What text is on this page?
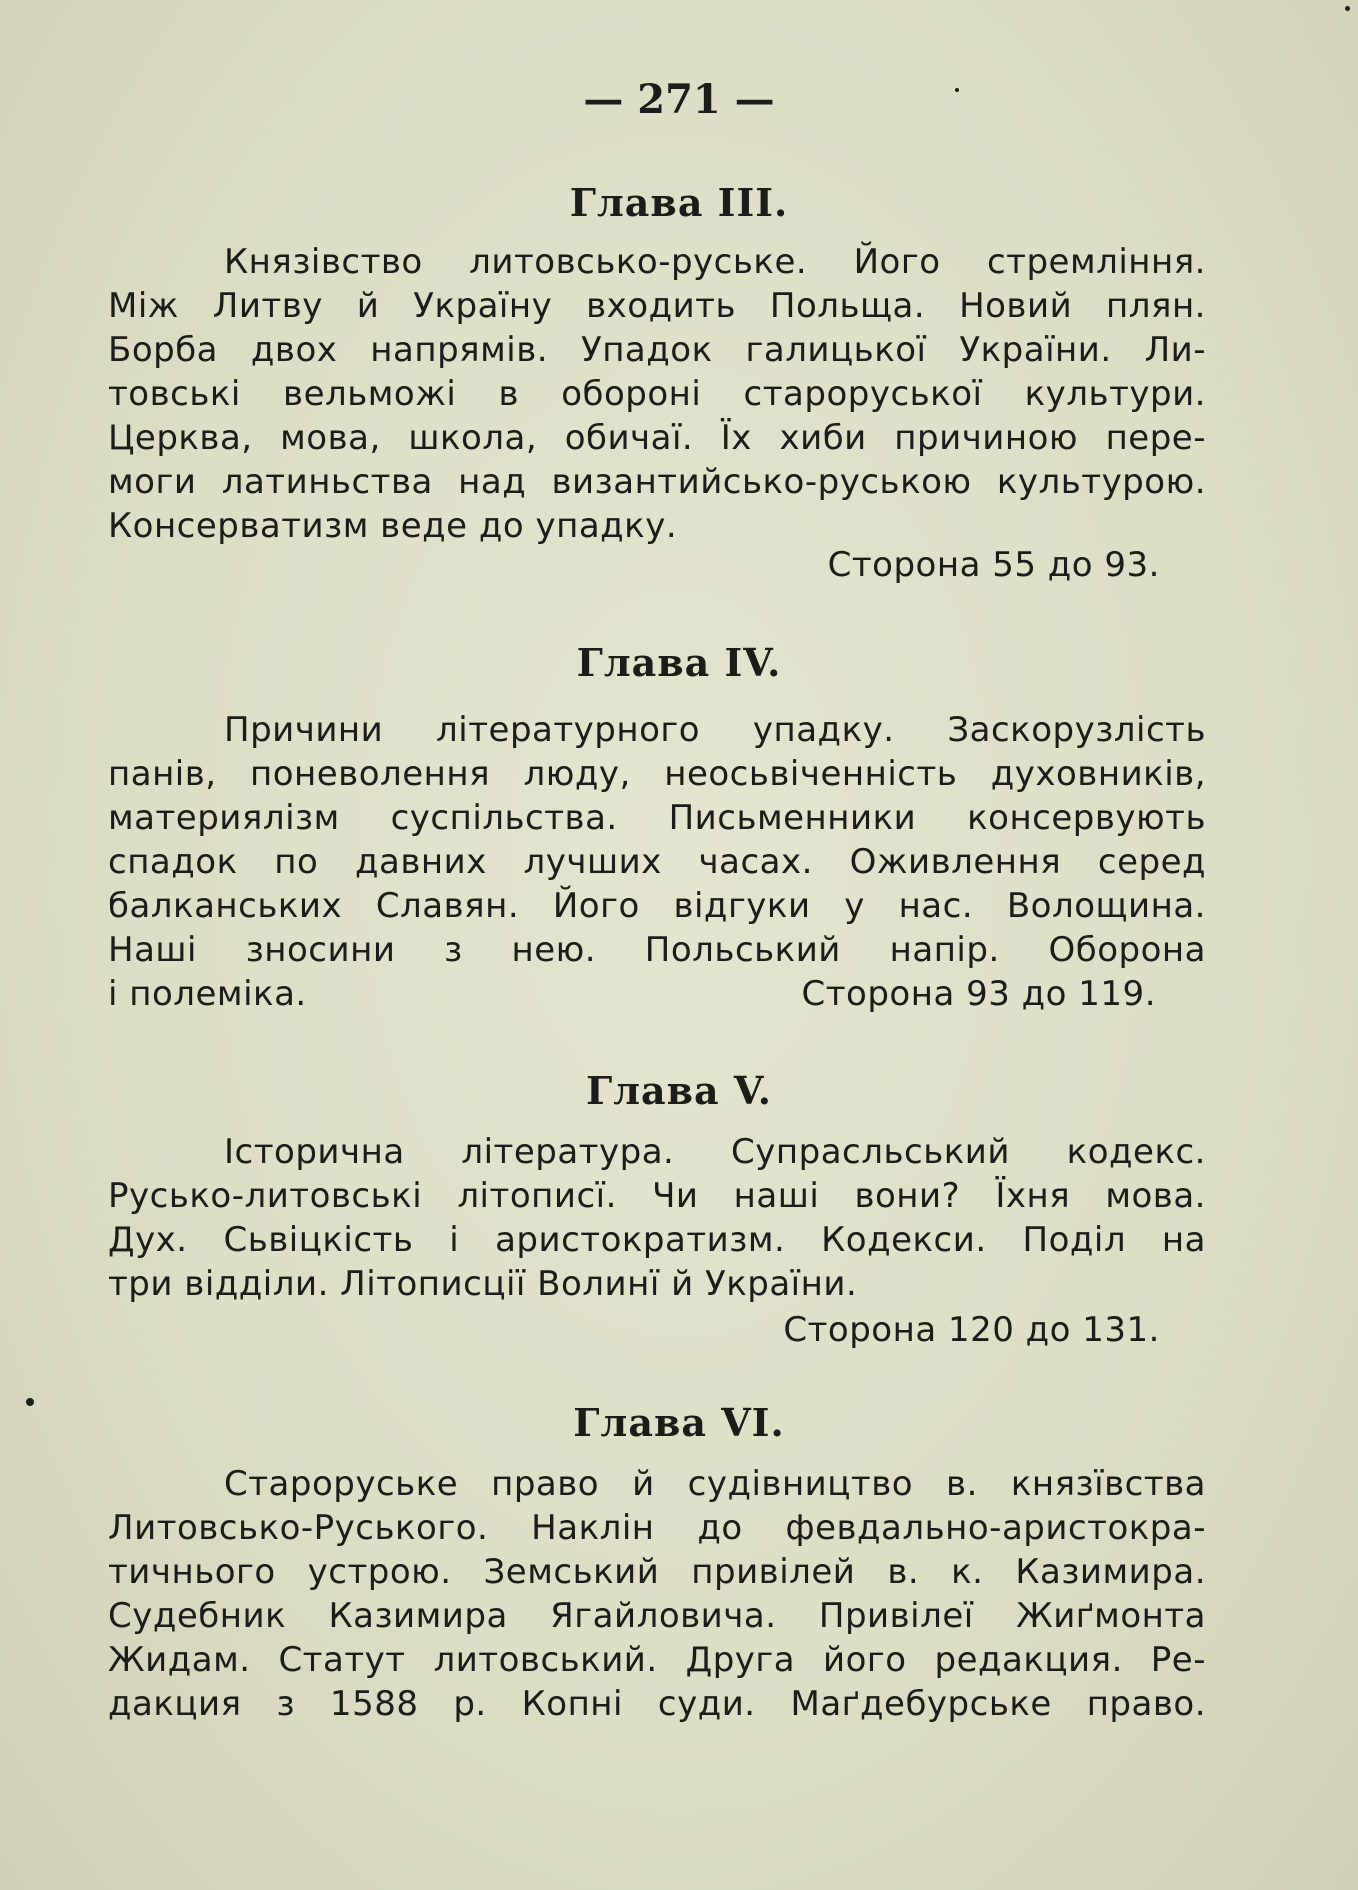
— 271 —
Глава III.
Князівство литовсько-руське. Його стремління.
Між Литву й Україну входить Польща. Новий плян.
Борба двох напрямів. Упадок галицької України. Ли-
товські вельможі в обороні староруської культури.
Церква, мова, школа, обичаї. Їх хиби причиною пере-
моги латиньства над византийсько-руською культурою.
Консерватизм веде до упадку.
Сторона 55 до 93.
Глава IV.
Причини літературного упадку. Заскорузлість
панів, поневолення люду, неосьвіченність духовників,
материялізм суспільства. Письменники консервують
спадок по давних лучших часах. Оживлення серед
балканських Славян. Його відгуки у нас. Волощина.
Наші зносини з нею. Польський напір. Оборона
і полеміка.	Сторона 93 до 119.
Глава V.
Історична література. Супрасльський кодекс.
Русько-литовські літописї. Чи наші вони? Їхня мова.
Дух. Сьвіцкість і аристократизм. Кодекси. Поділ на
три відділи. Літописції Волинї й України.
Сторона 120 до 131.
Глава VI.
Староруське право й судівництво в. князївства
Литовсько-Руського. Наклін до февдально-аристокра-
тичнього устрою. Земський привілей в. к. Казимира.
Судебник Казимира Ягайловича. Привілеї Жиґмонта
Жидам. Статут литовський. Друга його редакция. Ре-
дакция з 1588 р. Копні суди. Маґдебурське право.
